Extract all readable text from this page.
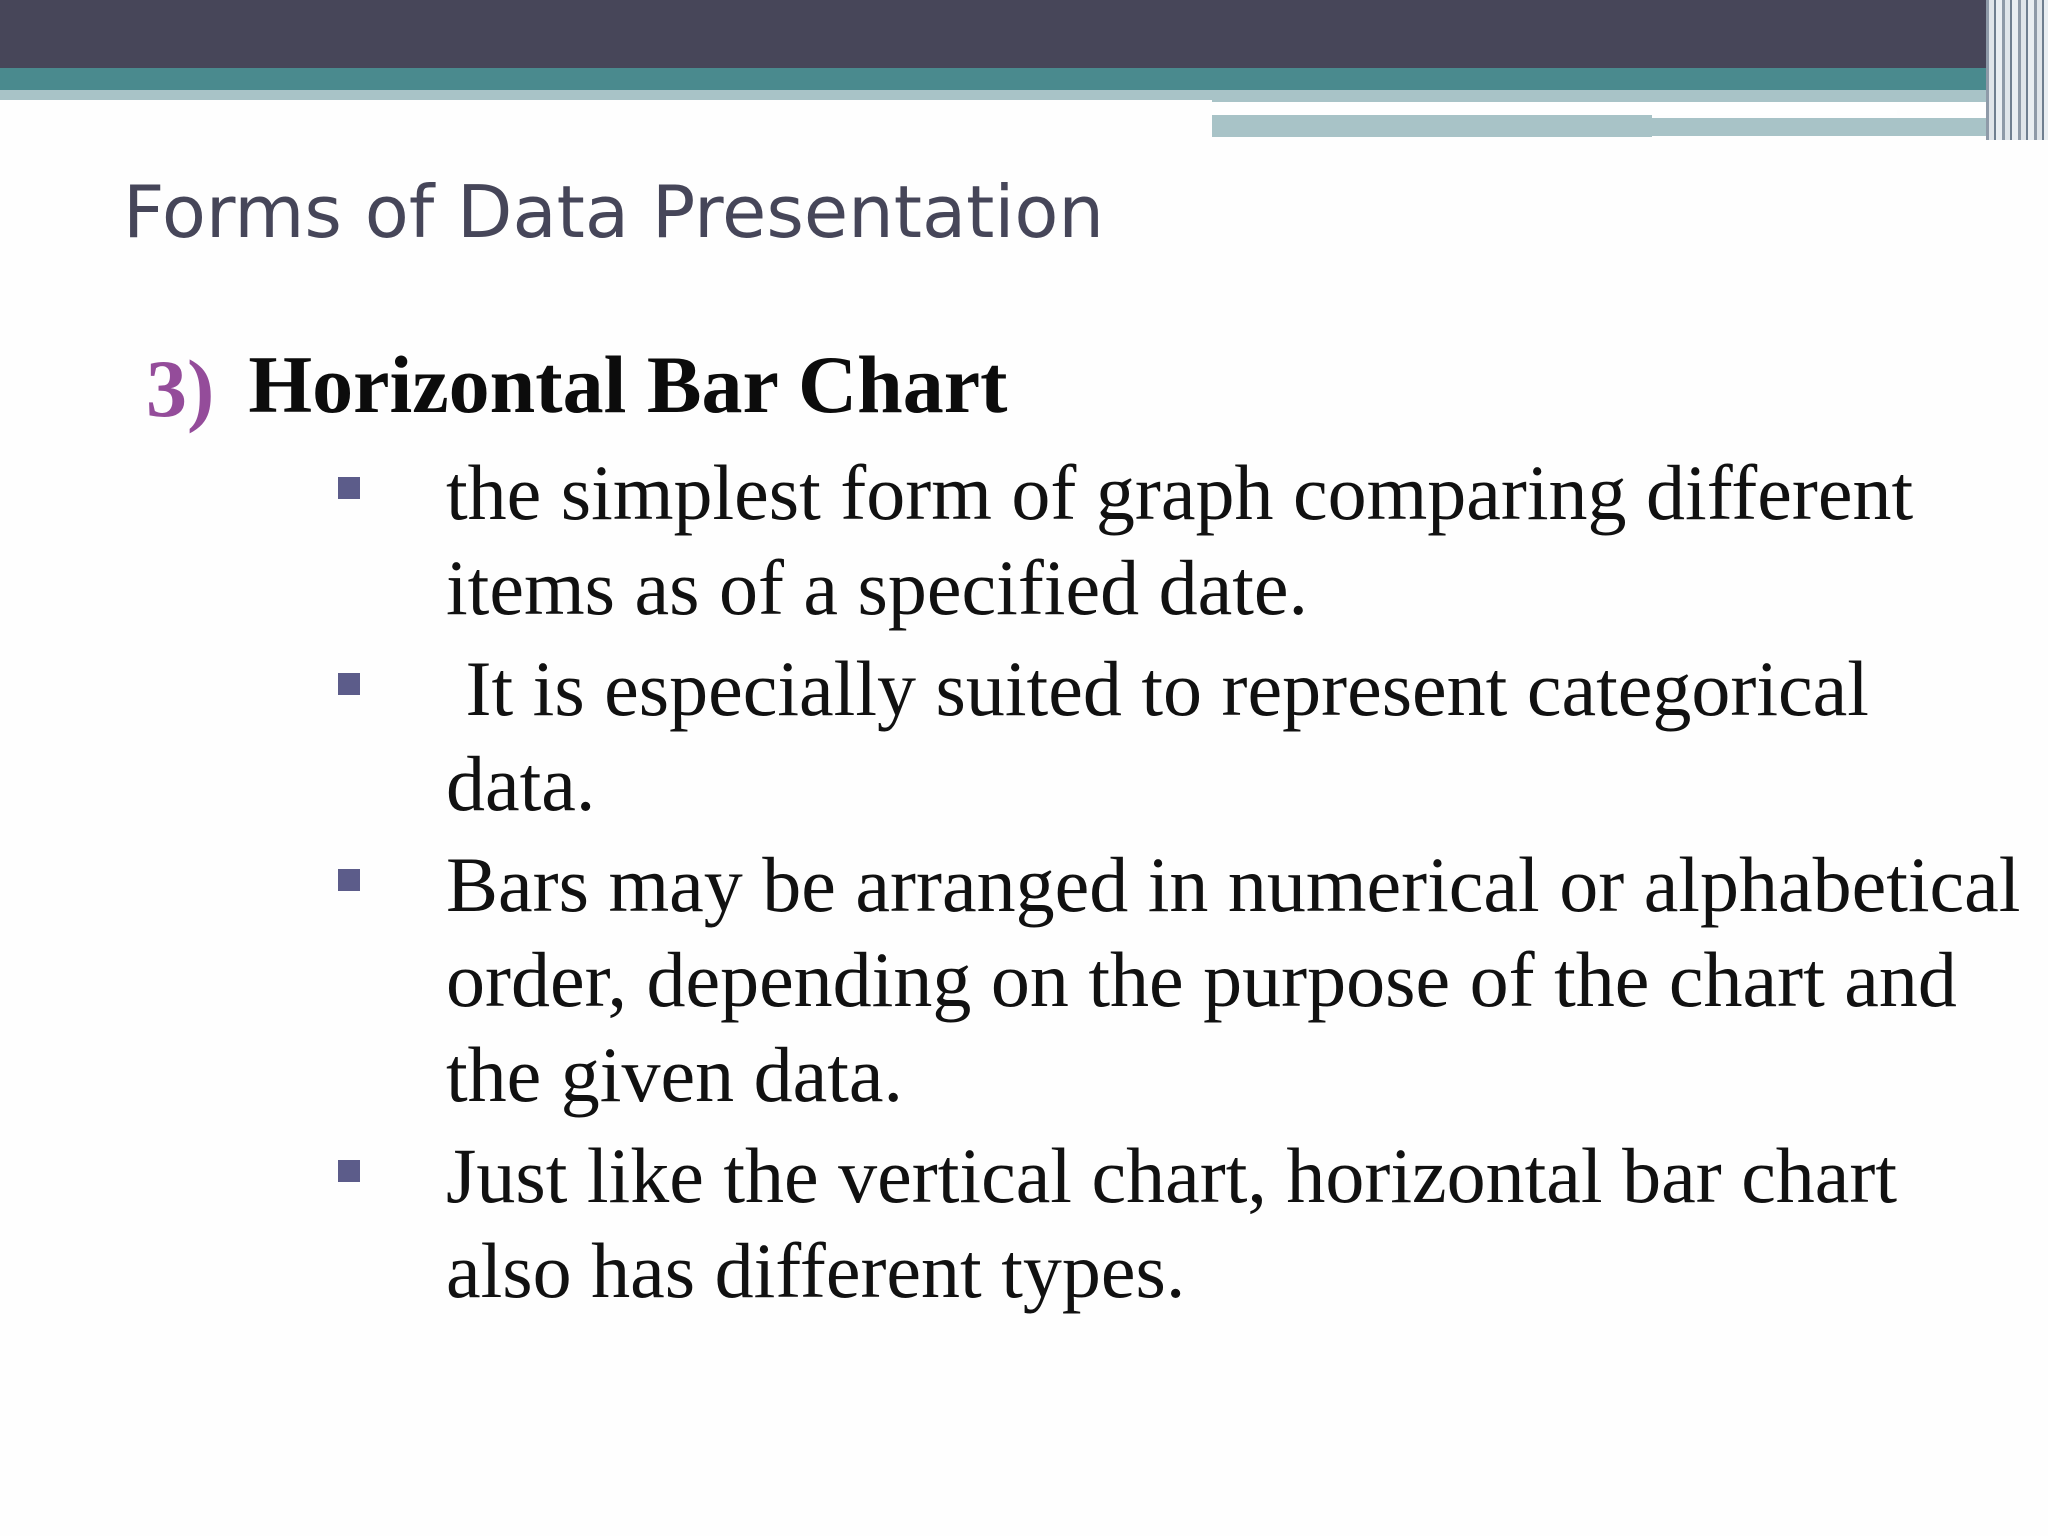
Forms of Data Presentation
3) Horizontal Bar Chart
the simplest form of graph comparing different items as of a specified date.
It is especially suited to represent categorical data.
Bars may be arranged in numerical or alphabetical order, depending on the purpose of the chart and the given data.
Just like the vertical chart, horizontal bar chart also has different types.
